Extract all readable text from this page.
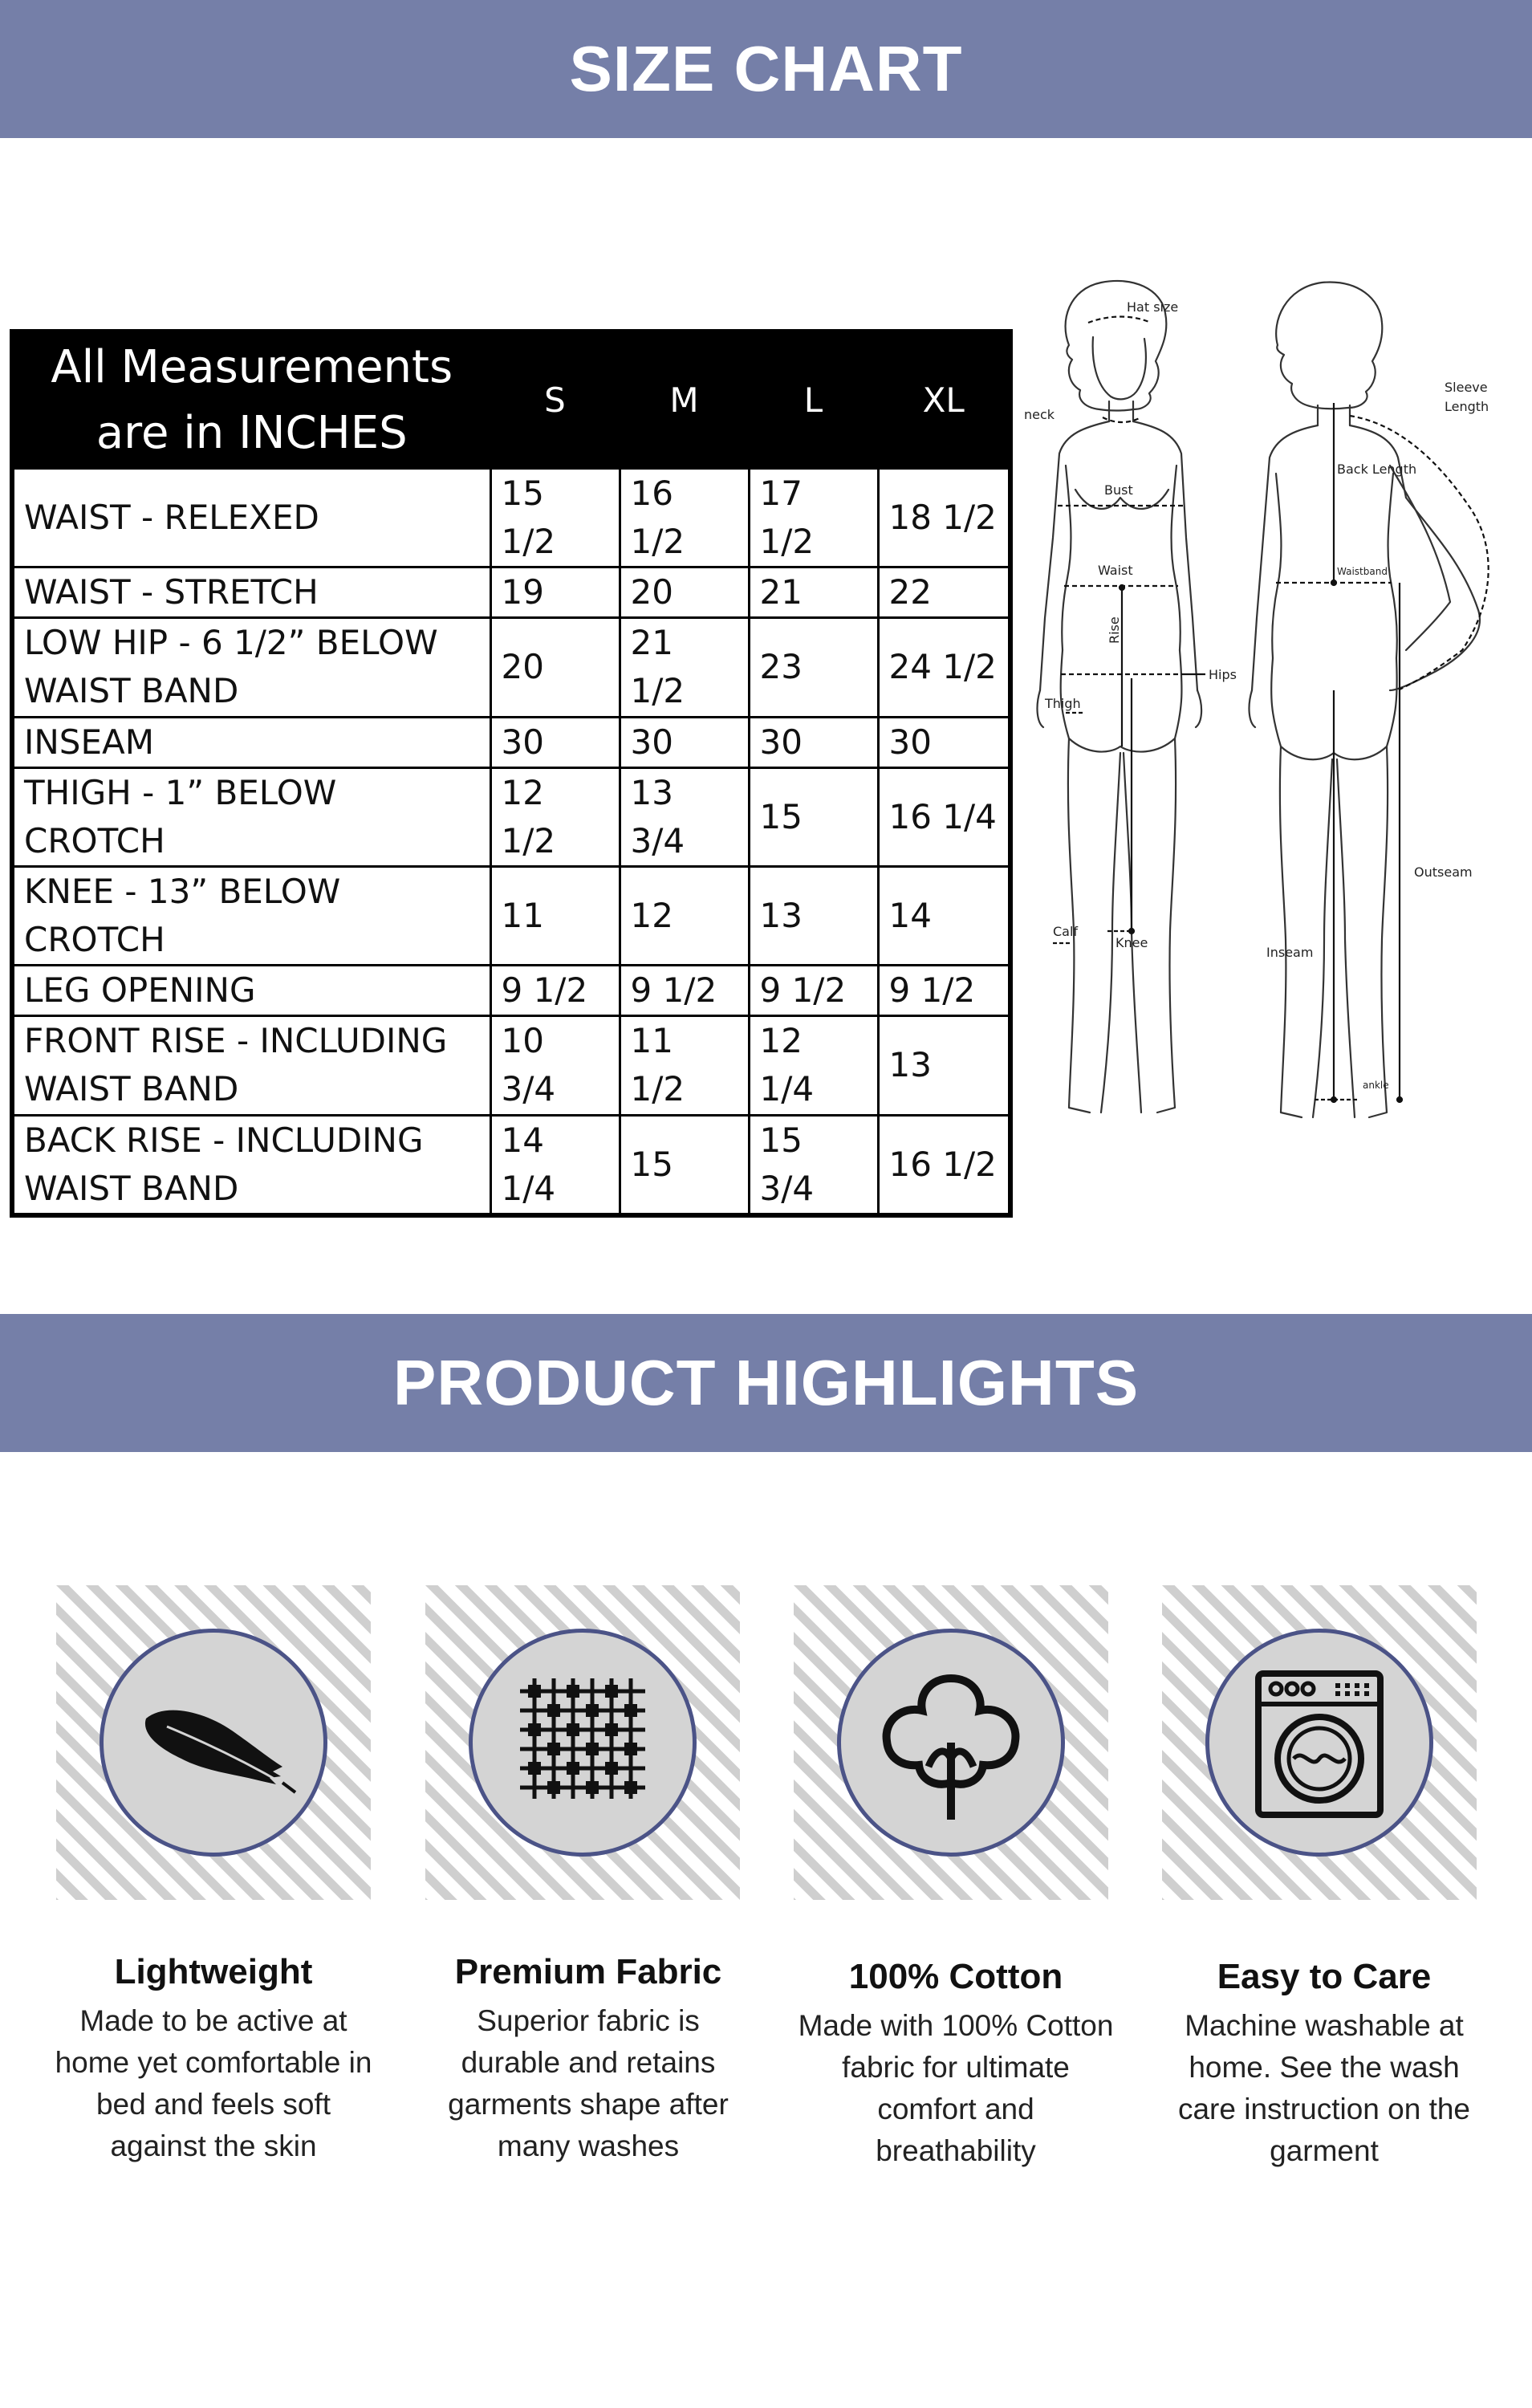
SIZE CHART
All Measurements
are in INCHES	S	M	L	XL

WAIST - RELEXED	15 1/2	16 1/2	17 1/2	18 1/2

WAIST - STRETCH	19	20	21	22

LOW HIP - 6 1/2” BELOW
WAIST BAND	20	21 1/2	23	24 1/2

INSEAM	30	30	30	30

THIGH - 1” BELOW CROTCH	12 1/2	13 3/4	15	16 1/4

KNEE - 13” BELOW CROTCH	11	12	13	14

LEG OPENING	9 1/2	9 1/2	9 1/2	9 1/2

FRONT RISE - INCLUDING
WAIST BAND	10 3/4	11 1/2	12 1/4	13

BACK RISE - INCLUDING
WAIST BAND	14 1/4	15	15 3/4	16 1/2
Hat size
neck
Bust
Waist
Rise
Hips
Thigh
Knee
Calf
Sleeve
Length
Back Length
Waistband
Outseam
Inseam
ankle
PRODUCT HIGHLIGHTS
Lightweight
Made to be active at
home yet comfortable in
bed and feels soft
against the skin
Premium Fabric
Superior fabric is
durable and retains
garments shape after
many washes
100% Cotton
Made with 100% Cotton
fabric for ultimate
comfort and
breathability
Easy to Care
Machine washable at
home. See the wash
care instruction on the
garment
